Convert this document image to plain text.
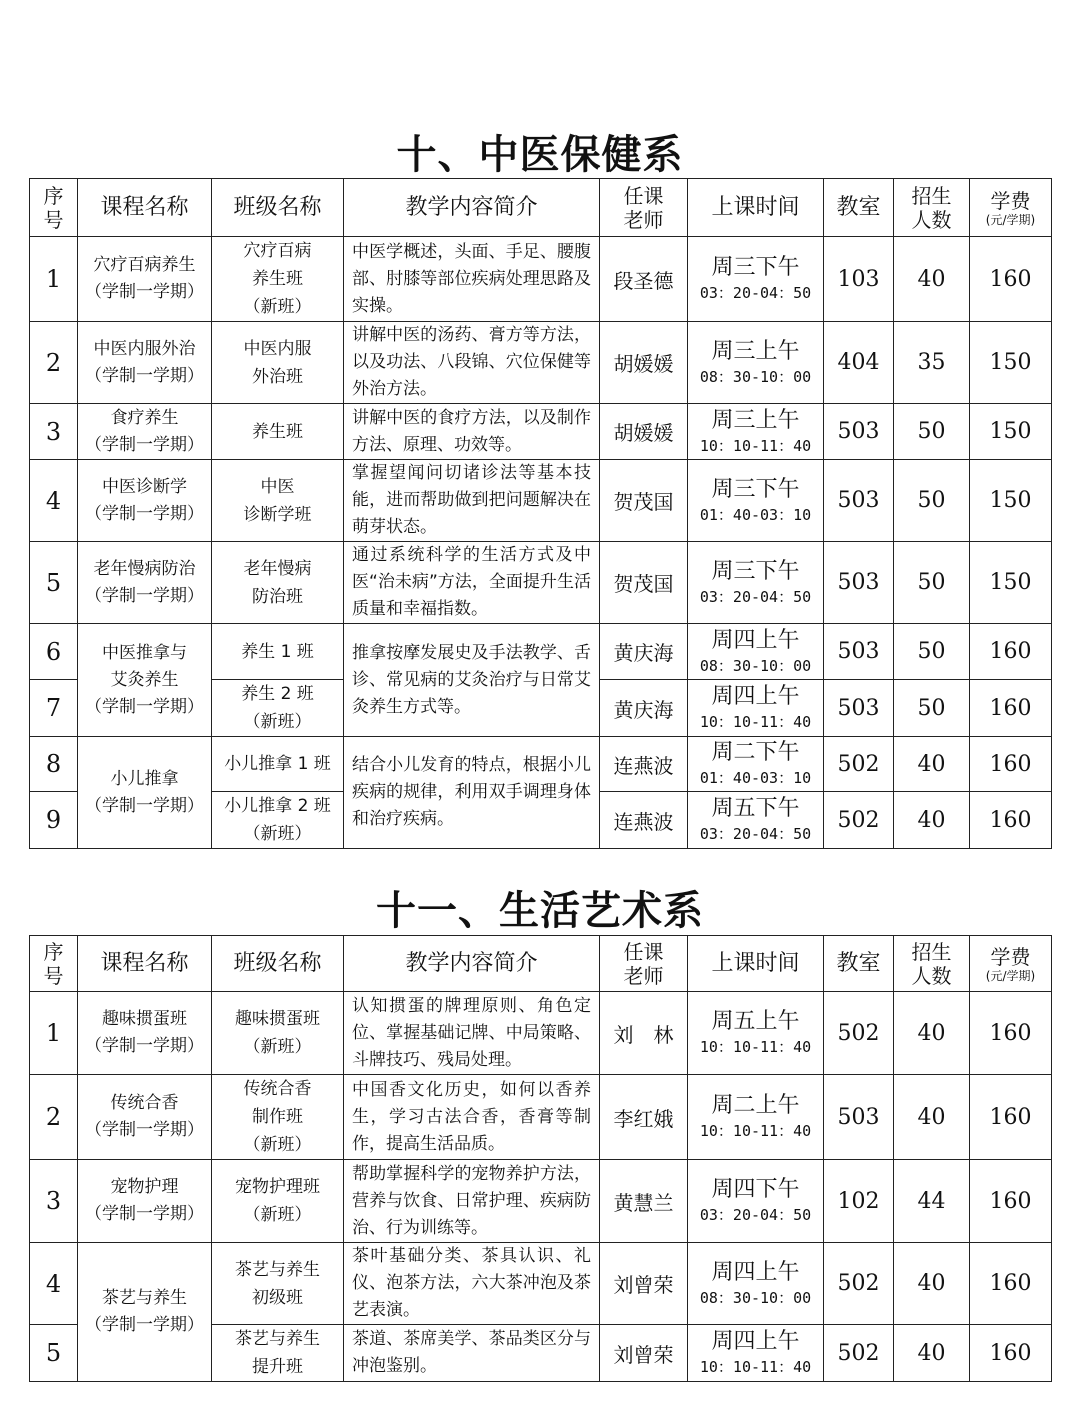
十、中医保健系
序号	课程名称	班级名称	教学内容简介	任课老师	上课时间	教室	招生人数	学费
(元/学期)

1	穴疗百病养生
（学制一学期）	穴疗百病
养生班
（新班）	中医学概述，头面、手足、腰腹部、肘膝等部位疾病处理思路及实操。	段圣德	周三下午
03：20-04：50	103	40	160
2	中医内服外治
（学制一学期）	中医内服
外治班	讲解中医的汤药、膏方等方法，以及功法、八段锦、穴位保健等外治方法。	胡媛媛	周三上午
08：30-10：00	404	35	150
3	食疗养生
（学制一学期）	养生班	讲解中医的食疗方法，以及制作方法、原理、功效等。	胡媛媛	周三上午
10：10-11：40	503	50	150
4	中医诊断学
（学制一学期）	中医
诊断学班	掌握望闻问切诸诊法等基本技能，进而帮助做到把问题解决在萌芽状态。	贺茂国	周三下午
01：40-03：10	503	50	150
5	老年慢病防治
（学制一学期）	老年慢病
防治班	通过系统科学的生活方式及中医“治未病”方法，全面提升生活质量和幸福指数。	贺茂国	周三下午
03：20-04：50	503	50	150
6	中医推拿与
艾灸养生
（学制一学期）	养生 1 班	推拿按摩发展史及手法教学、舌诊、常见病的艾灸治疗与日常艾灸养生方式等。	黄庆海	周四上午
08：30-10：00	503	50	160
7		养生 2 班
（新班）		黄庆海	周四上午
10：10-11：40	503	50	160
8	小儿推拿
（学制一学期）	小儿推拿 1 班	结合小儿发育的特点，根据小儿疾病的规律，利用双手调理身体和治疗疾病。	连燕波	周二下午
01：40-03：10	502	40	160
9		小儿推拿 2 班
（新班）		连燕波	周五下午
03：20-04：50	502	40	160
十一、生活艺术系
序号	课程名称	班级名称	教学内容简介	任课老师	上课时间	教室	招生人数	学费
(元/学期)

1	趣味掼蛋班
（学制一学期）	趣味掼蛋班
（新班）	认知掼蛋的牌理原则、角色定位、掌握基础记牌、中局策略、斗牌技巧、残局处理。	刘　林	周五上午
10：10-11：40	502	40	160
2	传统合香
（学制一学期）	传统合香
制作班
（新班）	中国香文化历史，如何以香养生，学习古法合香，香膏等制作，提高生活品质。	李红娥	周二上午
10：10-11：40	503	40	160
3	宠物护理
（学制一学期）	宠物护理班
（新班）	帮助掌握科学的宠物养护方法，营养与饮食、日常护理、疾病防治、行为训练等。	黄慧兰	周四下午
03：20-04：50	102	44	160
4	茶艺与养生
（学制一学期）	茶艺与养生
初级班	茶叶基础分类、茶具认识、礼仪、泡茶方法，六大茶冲泡及茶艺表演。	刘曾荣	周四上午
08：30-10：00	502	40	160
5		茶艺与养生
提升班	茶道、茶席美学、茶品类区分与冲泡鉴别。	刘曾荣	周四上午
10：10-11：40	502	40	160
